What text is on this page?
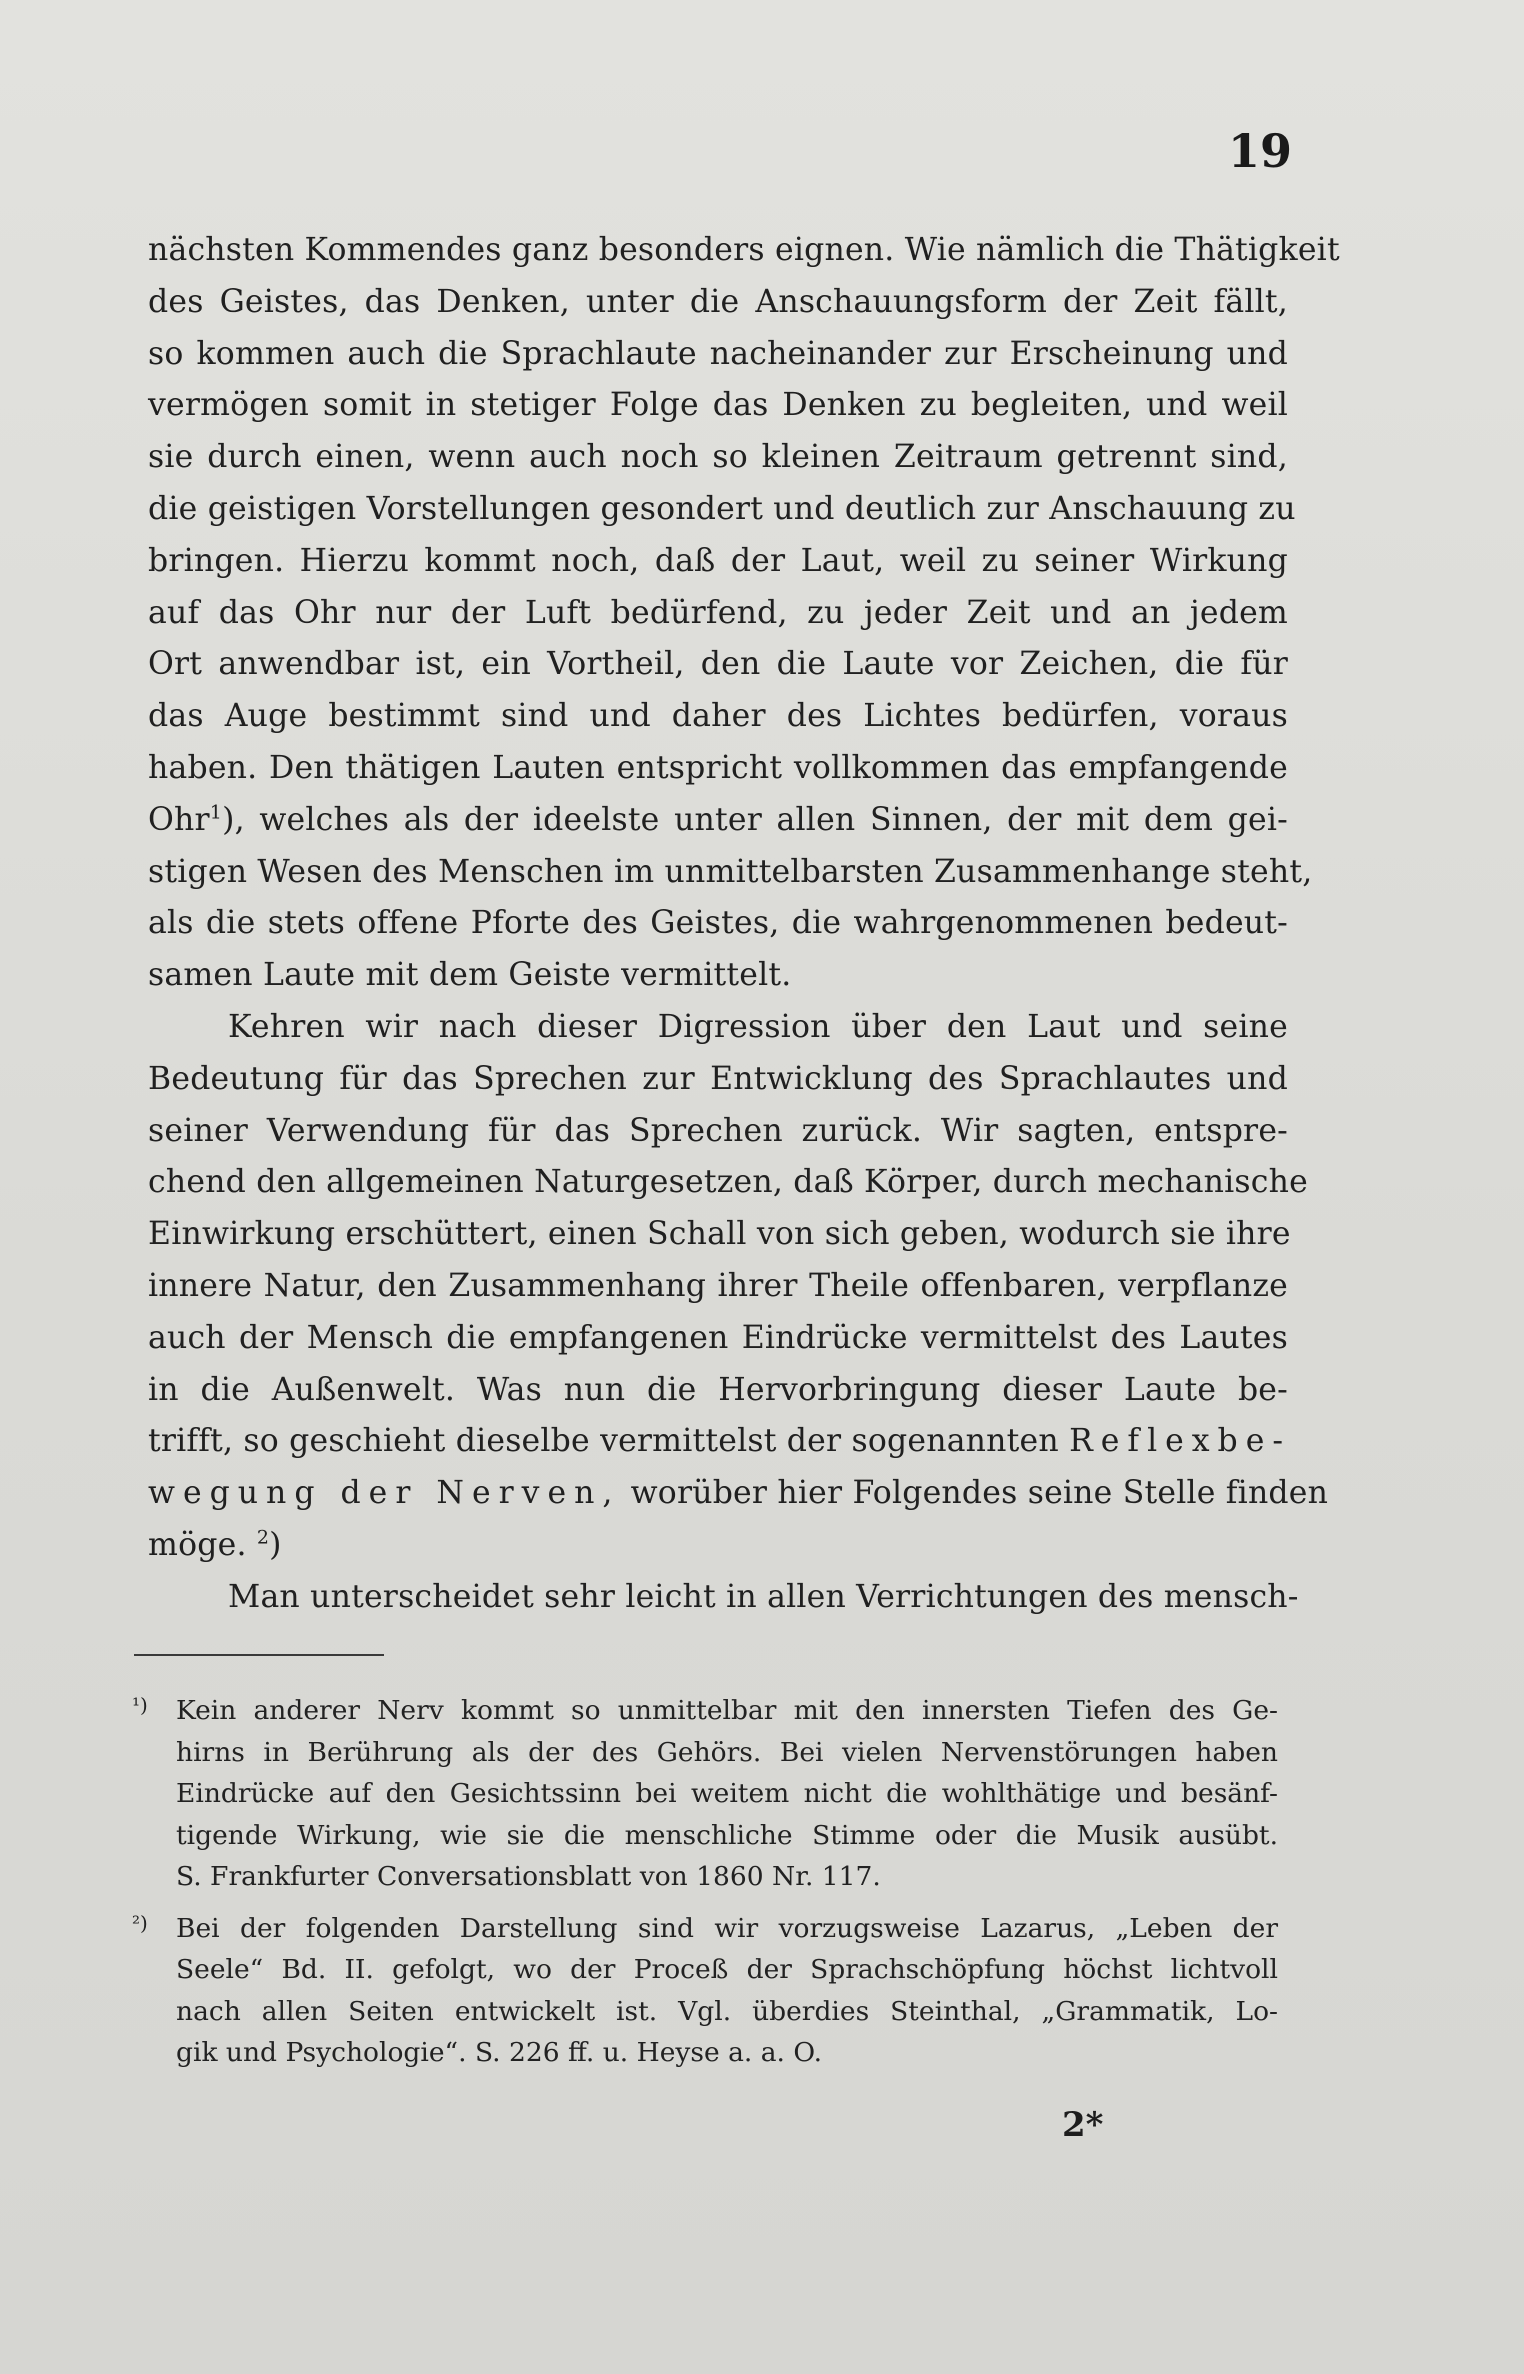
19
nächsten Kommendes ganz besonders eignen. Wie nämlich die Thätigkeit
des Geistes, das Denken, unter die Anschauungsform der Zeit fällt,
so kommen auch die Sprachlaute nacheinander zur Erscheinung und
vermögen somit in stetiger Folge das Denken zu begleiten, und weil
sie durch einen, wenn auch noch so kleinen Zeitraum getrennt sind,
die geistigen Vorstellungen gesondert und deutlich zur Anschauung zu
bringen. Hierzu kommt noch, daß der Laut, weil zu seiner Wirkung
auf das Ohr nur der Luft bedürfend, zu jeder Zeit und an jedem
Ort anwendbar ist, ein Vortheil, den die Laute vor Zeichen, die für
das Auge bestimmt sind und daher des Lichtes bedürfen, voraus
haben. Den thätigen Lauten entspricht vollkommen das empfangende
Ohr$^1$), welches als der ideelste unter allen Sinnen, der mit dem gei-
stigen Wesen des Menschen im unmittelbarsten Zusammenhange steht,
als die stets offene Pforte des Geistes, die wahrgenommenen bedeut-
samen Laute mit dem Geiste vermittelt.
Kehren wir nach dieser Digression über den Laut und seine
Bedeutung für das Sprechen zur Entwicklung des Sprachlautes und
seiner Verwendung für das Sprechen zurück. Wir sagten, entspre-
chend den allgemeinen Naturgesetzen, daß Körper, durch mechanische
Einwirkung erschüttert, einen Schall von sich geben, wodurch sie ihre
innere Natur, den Zusammenhang ihrer Theile offenbaren, verpflanze
auch der Mensch die empfangenen Eindrücke vermittelst des Lautes
in die Außenwelt. Was nun die Hervorbringung dieser Laute be-
trifft, so geschieht dieselbe vermittelst der sogenannten Reflexbe-
wegung der Nerven, worüber hier Folgendes seine Stelle finden
möge. $^2$)
Man unterscheidet sehr leicht in allen Verrichtungen des mensch-
¹) Kein anderer Nerv kommt so unmittelbar mit den innersten Tiefen des Ge-
hirns in Berührung als der des Gehörs. Bei vielen Nervenstörungen haben
Eindrücke auf den Gesichtssinn bei weitem nicht die wohlthätige und besänf-
tigende Wirkung, wie sie die menschliche Stimme oder die Musik ausübt.
S. Frankfurter Conversationsblatt von 1860 Nr. 117.
²) Bei der folgenden Darstellung sind wir vorzugsweise Lazarus, „Leben der
Seele“ Bd. II. gefolgt, wo der Proceß der Sprachschöpfung höchst lichtvoll
nach allen Seiten entwickelt ist. Vgl. überdies Steinthal, „Grammatik, Lo-
gik und Psychologie“. S. 226 ff. u. Heyse a. a. O.
2*
